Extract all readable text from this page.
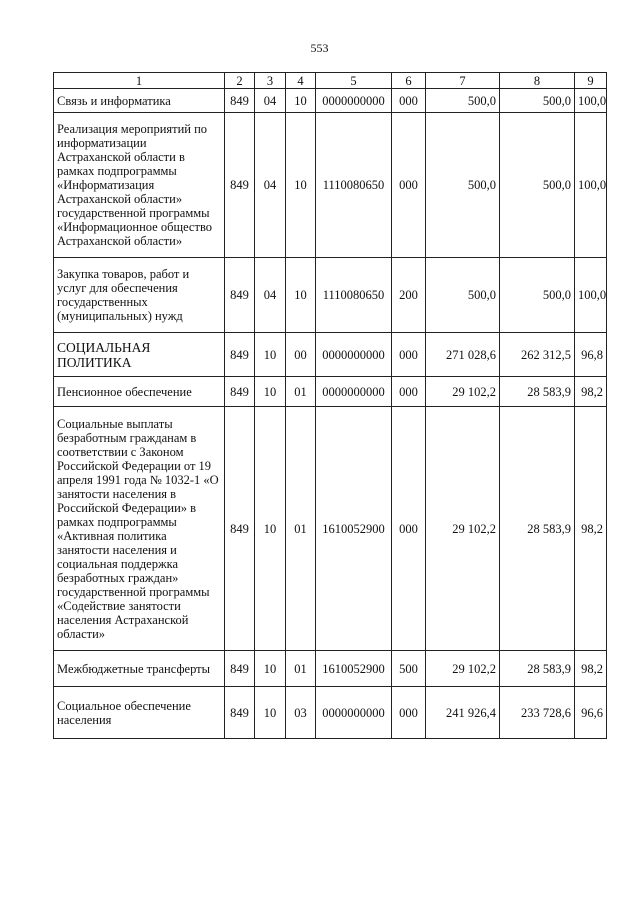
553
1	2	3	4	5	6	7	8	9
Связь и информатика	849	04	10	0000000000	000	500,0	500,0	100,0
Реализация мероприятий по информатизации Астраханской области в рамках подпрограммы «Информатизация Астраханской области» государственной программы «Информационное общество Астраханской области»	849	04	10	1110080650	000	500,0	500,0	100,0
Закупка товаров, работ и услуг для обеспечения государственных (муниципальных) нужд	849	04	10	1110080650	200	500,0	500,0	100,0
СОЦИАЛЬНАЯ ПОЛИТИКА	849	10	00	0000000000	000	271 028,6	262 312,5	96,8
Пенсионное обеспечение	849	10	01	0000000000	000	29 102,2	28 583,9	98,2
Социальные выплаты безработным гражданам в соответствии с Законом Российской Федерации от 19 апреля 1991 года № 1032-1 «О занятости населения в Российской Федерации» в рамках подпрограммы «Активная политика занятости населения и социальная поддержка безработных граждан» государственной программы «Содействие занятости населения Астраханской области»	849	10	01	1610052900	000	29 102,2	28 583,9	98,2
Межбюджетные трансферты	849	10	01	1610052900	500	29 102,2	28 583,9	98,2
Социальное обеспечение населения	849	10	03	0000000000	000	241 926,4	233 728,6	96,6
